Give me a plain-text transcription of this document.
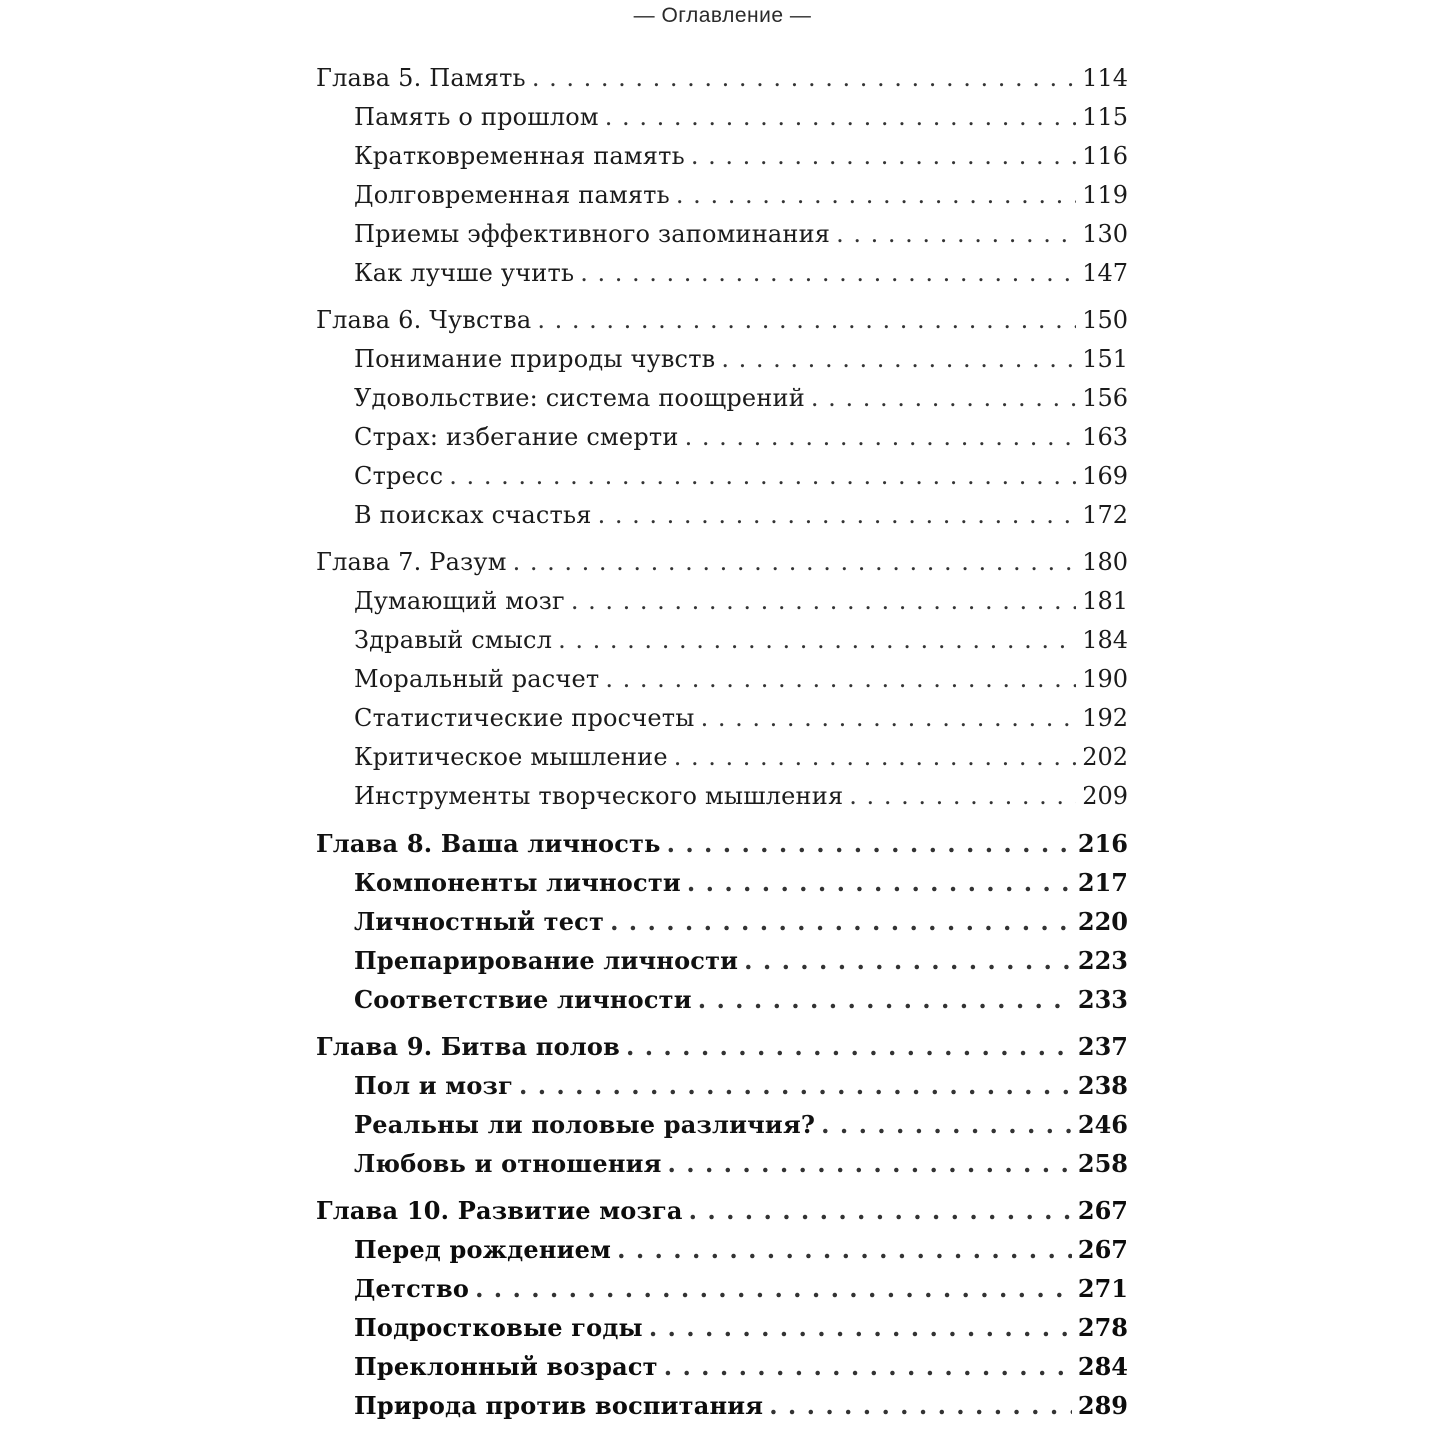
— Оглавление —
Глава 5. Память . . .	114
Память о прошлом . . .	115
Кратковременная память . . .	116
Долговременная память . . .	119
Приемы эффективного запоминания . . .	130
Как лучше учить . . .	147
Глава 6. Чувства . . .	150
Понимание природы чувств . . .	151
Удовольствие: система поощрений . . .	156
Страх: избегание смерти . . .	163
Стресс . . .	169
В поисках счастья . . .	172
Глава 7. Разум . . .	180
Думающий мозг . . .	181
Здравый смысл . . .	184
Моральный расчет . . .	190
Статистические просчеты . . .	192
Критическое мышление . . .	202
Инструменты творческого мышления . . .	209
Глава 8. Ваша личность . . .	216
Компоненты личности . . .	217
Личностный тест . . .	220
Препарирование личности . . .	223
Соответствие личности . . .	233
Глава 9. Битва полов . . .	237
Пол и мозг . . .	238
Реальны ли половые различия? . . .	246
Любовь и отношения . . .	258
Глава 10. Развитие мозга . . .	267
Перед рождением . . .	267
Детство . . .	271
Подростковые годы . . .	278
Преклонный возраст . . .	284
Природа против воспитания . . .	289
